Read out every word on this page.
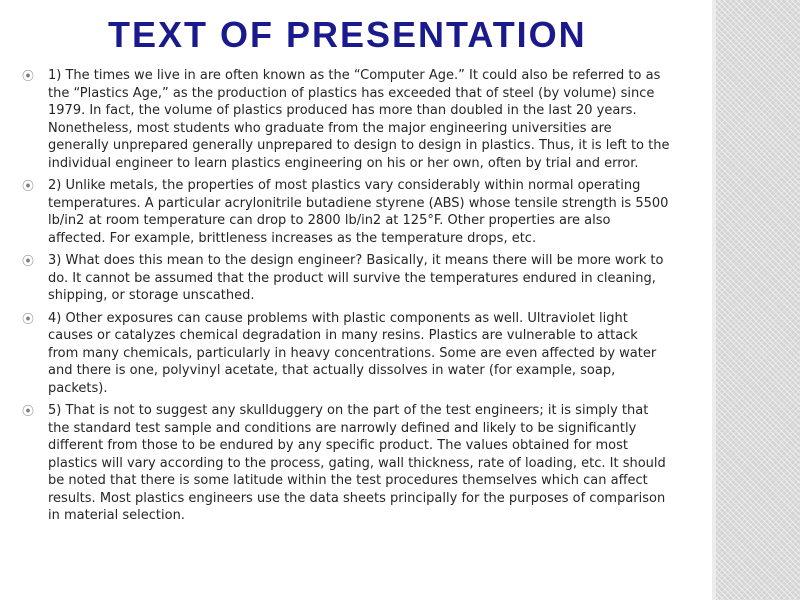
TEXT OF PRESENTATION
⦿ 1) The times we live in are often known as the “Computer Age.” It could also be referred to as the “Plastics Age,” as the production of plastics has exceeded that of steel (by volume) since 1979. In fact, the volume of plastics produced has more than doubled in the last 20 years. Nonetheless, most students who graduate from the major engineering universities are generally unprepared generally unprepared to design to design in plastics. Thus, it is left to the individual engineer to learn plastics engineering on his or her own, often by trial and error.
⦿ 2) Unlike metals, the properties of most plastics vary considerably within normal operating temperatures. A particular acrylonitrile butadiene styrene (ABS) whose tensile strength is 5500 lb/in2 at room temperature can drop to 2800 lb/in2 at 125°F. Other properties are also affected. For example, brittleness increases as the temperature drops, etc.
⦿ 3) What does this mean to the design engineer? Basically, it means there will be more work to do. It cannot be assumed that the product will survive the temperatures endured in cleaning, shipping, or storage unscathed.
⦿ 4) Other exposures can cause problems with plastic components as well. Ultraviolet light causes or catalyzes chemical degradation in many resins. Plastics are vulnerable to attack from many chemicals, particularly in heavy concentrations. Some are even affected by water and there is one, polyvinyl acetate, that actually dissolves in water (for example, soap, packets).
⦿ 5) That is not to suggest any skullduggery on the part of the test engineers; it is simply that the standard test sample and conditions are narrowly defined and likely to be significantly different from those to be endured by any specific product. The values obtained for most plastics will vary according to the process, gating, wall thickness, rate of loading, etc. It should be noted that there is some latitude within the test procedures themselves which can affect results. Most plastics engineers use the data sheets principally for the purposes of comparison in material selection.
